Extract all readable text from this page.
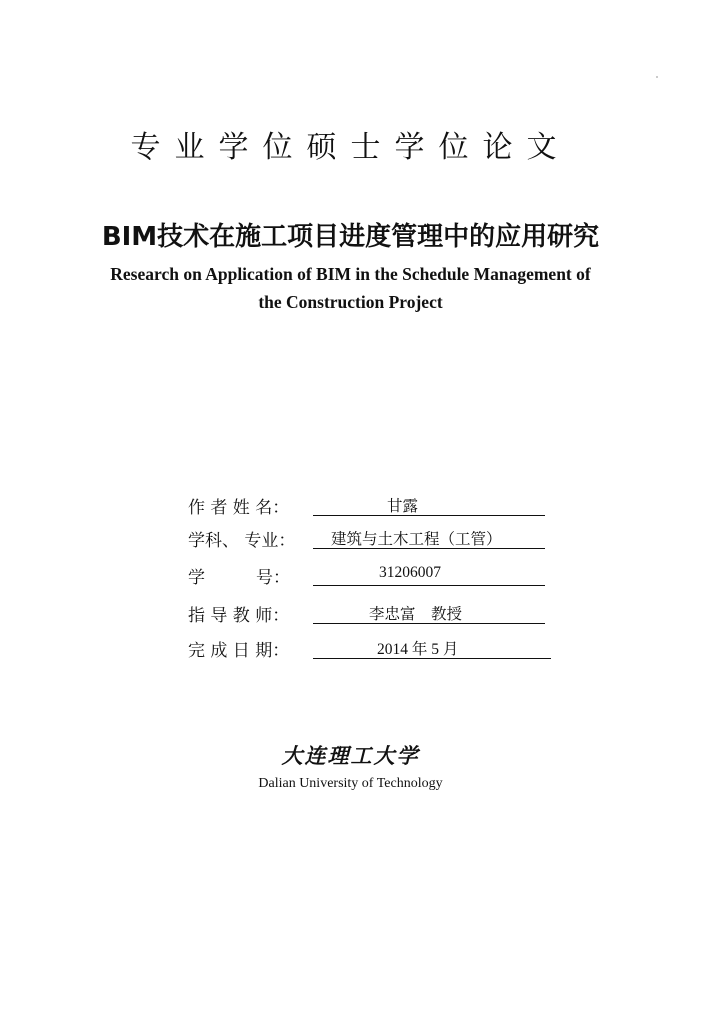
专业学位硕士学位论文
BIM技术在施工项目进度管理中的应用研究
Research on Application of BIM in the Schedule Management of
the Construction Project
作 者 姓 名：	甘露
学科、 专业：	建筑与土木工程（工管）
学　　　号：	31206007
指 导 教 师：	李忠富　教授
完 成 日 期：	2014 年 5 月
大连理工大学
Dalian University of Technology
